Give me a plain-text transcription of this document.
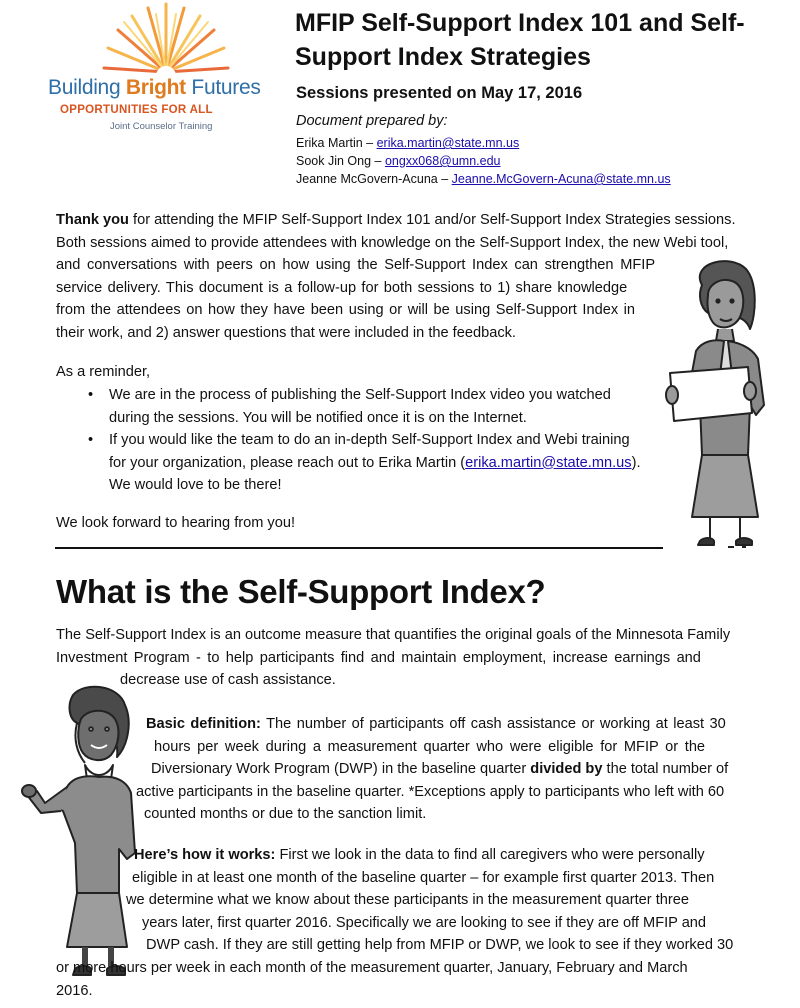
Building Bright Futures
OPPORTUNITIES FOR ALL
Joint Counselor Training
MFIP Self-Support Index 101 and Self-Support Index Strategies
Sessions presented on May 17, 2016
Document prepared by:
Erika Martin – erika.martin@state.mn.us
Sook Jin Ong – ongxx068@umn.edu
Jeanne McGovern-Acuna – Jeanne.McGovern-Acuna@state.mn.us
Thank you for attending the MFIP Self-Support Index 101 and/or Self-Support Index Strategies sessions.
Both sessions aimed to provide attendees with knowledge on the Self-Support Index, the new Webi tool,
and conversations with peers on how using the Self-Support Index can strengthen MFIP
service delivery. This document is a follow-up for both sessions to 1) share knowledge
from the attendees on how they have been using or will be using Self-Support Index in
their work, and 2) answer questions that were included in the feedback.
As a reminder,
• We are in the process of publishing the Self-Support Index video you watched
during the sessions. You will be notified once it is on the Internet.
• If you would like the team to do an in-depth Self-Support Index and Webi training
for your organization, please reach out to Erika Martin (erika.martin@state.mn.us).
We would love to be there!
We look forward to hearing from you!
What is the Self-Support Index?
The Self-Support Index is an outcome measure that quantifies the original goals of the Minnesota Family
Investment Program - to help participants find and maintain employment, increase earnings and
decrease use of cash assistance.
Basic definition: The number of participants off cash assistance or working at least 30
hours per week during a measurement quarter who were eligible for MFIP or the
Diversionary Work Program (DWP) in the baseline quarter divided by the total number of
active participants in the baseline quarter. *Exceptions apply to participants who left with 60
counted months or due to the sanction limit.
Here’s how it works: First we look in the data to find all caregivers who were personally
eligible in at least one month of the baseline quarter – for example first quarter 2013. Then
we determine what we know about these participants in the measurement quarter three
years later, first quarter 2016. Specifically we are looking to see if they are off MFIP and
DWP cash. If they are still getting help from MFIP or DWP, we look to see if they worked 30
or more hours per week in each month of the measurement quarter, January, February and March
2016.
